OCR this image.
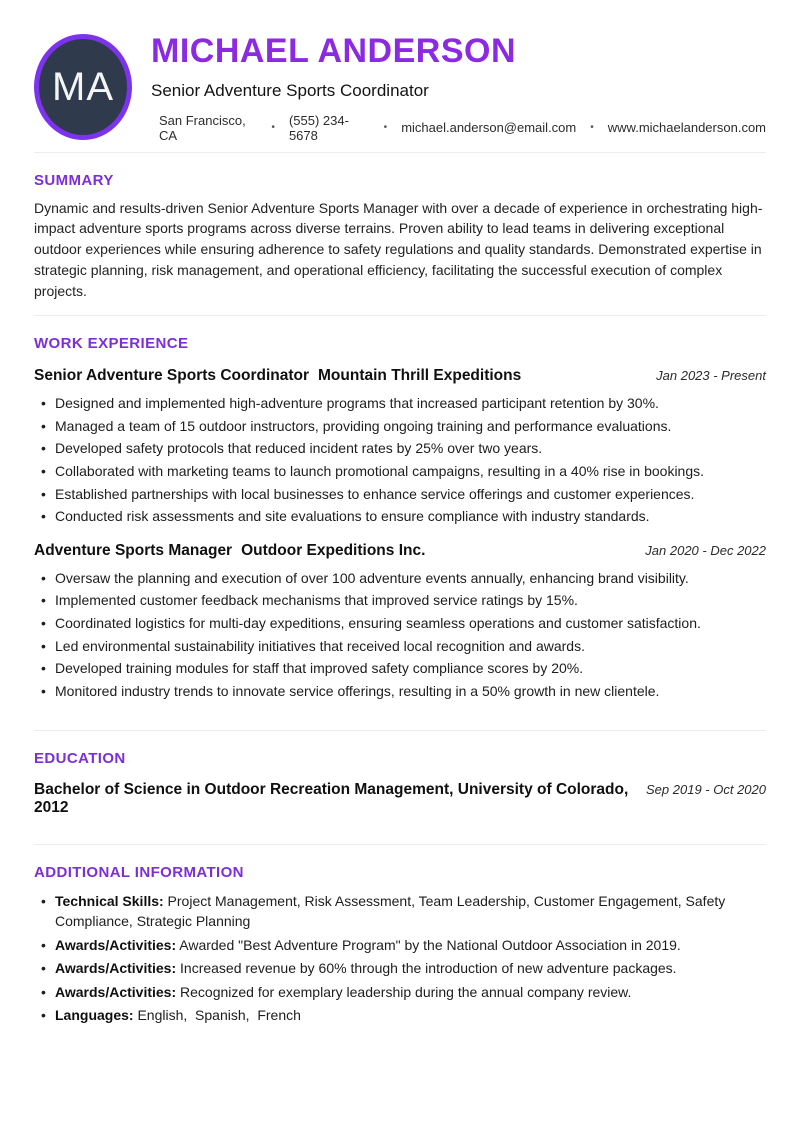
MA
MICHAEL ANDERSON
Senior Adventure Sports Coordinator
San Francisco, CA	• (555) 234-5678	• michael.anderson@email.com • www.michaelanderson.com
SUMMARY

Dynamic and results-driven Senior Adventure Sports Manager with over a decade of experience in orchestrating high-impact adventure sports programs across diverse terrains. Proven ability to lead teams in delivering exceptional outdoor experiences while ensuring adherence to safety regulations and quality standards. Demonstrated expertise in strategic planning, risk management, and operational efficiency, facilitating the successful execution of complex projects.

WORK EXPERIENCE
Senior Adventure Sports Coordinator Mountain Thrill Expeditions	Jan 2023 - Present
• Designed and implemented high-adventure programs that increased participant retention by 30%.
• Managed a team of 15 outdoor instructors, providing ongoing training and performance evaluations.
• Developed safety protocols that reduced incident rates by 25% over two years.
• Collaborated with marketing teams to launch promotional campaigns, resulting in a 40% rise in bookings.
• Established partnerships with local businesses to enhance service offerings and customer experiences.
• Conducted risk assessments and site evaluations to ensure compliance with industry standards.
Adventure Sports Manager Outdoor Expeditions Inc.	Jan 2020 - Dec 2022
• Oversaw the planning and execution of over 100 adventure events annually, enhancing brand visibility.
• Implemented customer feedback mechanisms that improved service ratings by 15%.
• Coordinated logistics for multi-day expeditions, ensuring seamless operations and customer satisfaction.
• Led environmental sustainability initiatives that received local recognition and awards.
• Developed training modules for staff that improved safety compliance scores by 20%.
• Monitored industry trends to innovate service offerings, resulting in a 50% growth in new clientele.
EDUCATION
Bachelor of Science in Outdoor Recreation Management, University of Colorado, 2012
Sep 2019 - Oct 2020
ADDITIONAL INFORMATION
• Technical Skills: Project Management, Risk Assessment, Team Leadership, Customer Engagement, Safety Compliance, Strategic Planning
• Awards/Activities: Awarded "Best Adventure Program" by the National Outdoor Association in 2019.
• Awards/Activities: Increased revenue by 60% through the introduction of new adventure packages.
• Awards/Activities: Recognized for exemplary leadership during the annual company review.
• Languages: English,  Spanish,  French
